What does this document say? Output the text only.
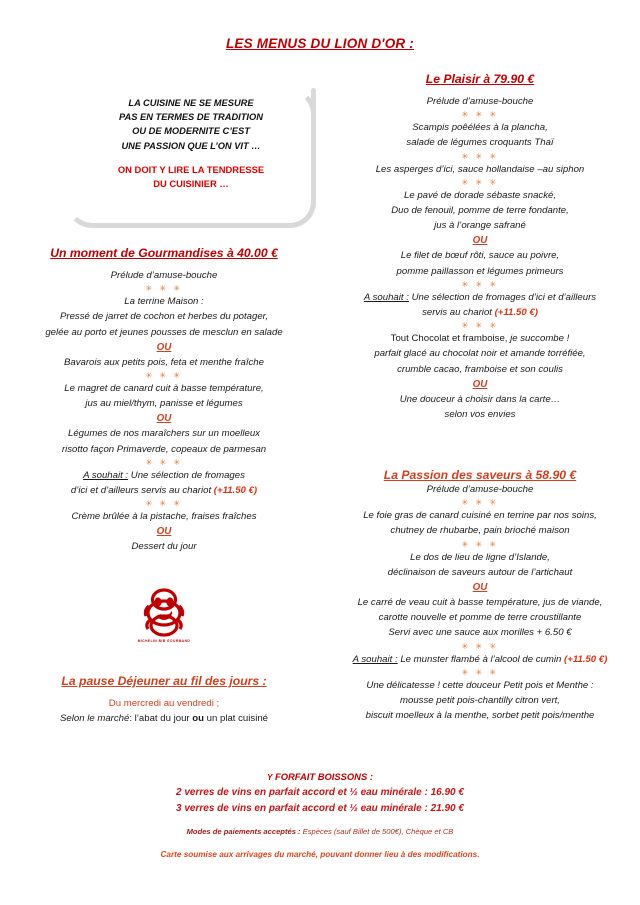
LES MENUS DU LION D'OR :
LA CUISINE NE SE MESURE
PAS EN TERMES DE TRADITION
OU DE MODERNITE C’EST
UNE PASSION QUE L’ON VIT …
ON DOIT Y LIRE LA TENDRESSE
DU CUISINIER …
Un moment de Gourmandises à 40.00 €
Prélude d’amuse-bouche
✳ ✳ ✳
La terrine Maison :
Pressé de jarret de cochon et herbes du potager,
gelée au porto et jeunes pousses de mesclun en salade
OU
Bavarois aux petits pois, feta et menthe fraîche
✳ ✳ ✳
Le magret de canard cuit à basse température,
jus au miel/thym, panisse et légumes
OU
Légumes de nos maraîchers sur un moelleux
risotto façon Primaverde, copeaux de parmesan
✳ ✳ ✳
A souhait : Une sélection de fromages
d’ici et d’ailleurs servis au chariot (+11.50 €)
✳ ✳ ✳
Crème brûlée à la pistache, fraises fraîches
OU
Dessert du jour
MICHELIN BIB GOURMAND
La pause Déjeuner au fil des jours :
Du mercredi au vendredi ;
Selon le marché: l’abat du jour ou un plat cuisiné
Le Plaisir à 79.90 €
Prélude d’amuse-bouche
✳ ✳ ✳
Scampis poêélées à la plancha,
salade de légumes croquants Thaï
✳ ✳ ✳
Les asperges d’ici, sauce hollandaise –au siphon
✳ ✳ ✳
Le pavé de dorade sébaste snacké,
Duo de fenouil, pomme de terre fondante,
jus à l’orange safrané
OU
Le filet de bœuf rôti, sauce au poivre,
pomme paillasson et légumes primeurs
✳ ✳ ✳
A souhait : Une sélection de fromages d’ici et d’ailleurs
servis au chariot (+11.50 €)
✳ ✳ ✳
Tout Chocolat et framboise, je succombe !
parfait glacé au chocolat noir et amande torréfiée,
crumble cacao, framboise et son coulis
OU
Une douceur à choisir dans la carte…
selon vos envies
La Passion des saveurs à 58.90 €
Prélude d’amuse-bouche
✳ ✳ ✳
Le foie gras de canard cuisiné en terrine par nos soins,
chutney de rhubarbe, pain brioché maison
✳ ✳ ✳
Le dos de lieu de ligne d’Islande,
déclinaison de saveurs autour de l’artichaut
OU
Le carré de veau cuit à basse température, jus de viande,
carotte nouvelle et pomme de terre croustillante
Servi avec une sauce aux morilles + 6.50 €
✳ ✳ ✳
A souhait : Le munster flambé à l’alcool de cumin (+11.50 €)
✳ ✳ ✳
Une délicatesse ! cette douceur Petit pois et Menthe :
mousse petit pois-chantilly citron vert,
biscuit moelleux à la menthe, sorbet petit pois/menthe
Υ FORFAIT BOISSONS :
2 verres de vins en parfait accord et ½ eau minérale : 16.90 €
3 verres de vins en parfait accord et ½ eau minérale : 21.90 €
Modes de paiements acceptés : Espèces (sauf Billet de 500€), Chèque et CB
Carte soumise aux arrivages du marché, pouvant donner lieu à des modifications.
